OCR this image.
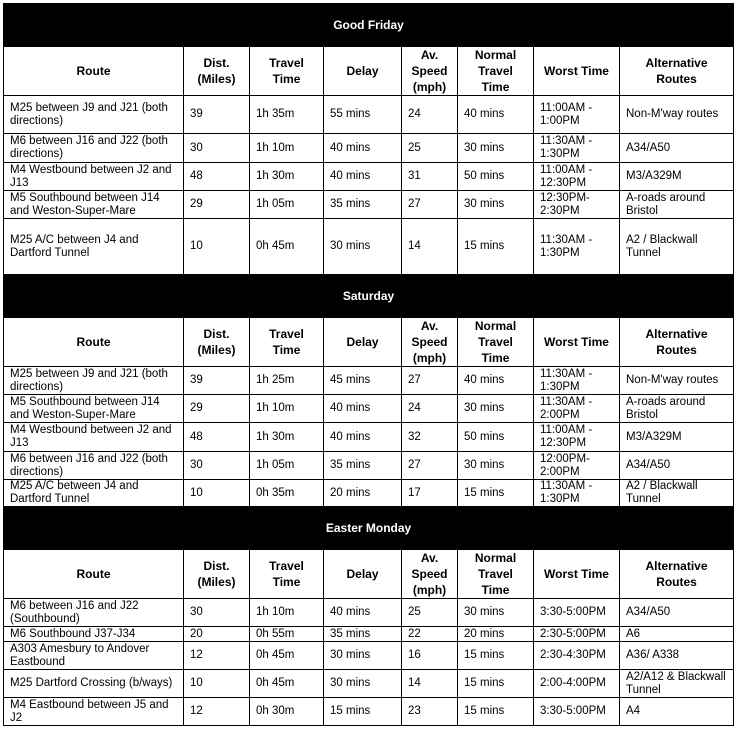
Good Friday							
Route	Dist. (Miles)	Travel Time	Delay	Av. Speed (mph)	Normal Travel Time	Worst Time	Alternative Routes
M25 between J9 and J21 (both directions)	39	1h 35m	55 mins	24	40 mins	11:00AM - 1:00PM	Non-M'way routes
M6 between J16 and J22 (both directions)	30	1h 10m	40 mins	25	30 mins	11:30AM - 1:30PM	A34/A50
M4 Westbound between J2 and J13	48	1h 30m	40 mins	31	50 mins	11:00AM - 12:30PM	M3/A329M
M5 Southbound between J14 and Weston-Super-Mare	29	1h 05m	35 mins	27	30 mins	12:30PM- 2:30PM	A-roads around Bristol
M25 A/C between J4 and Dartford Tunnel	10	0h 45m	30 mins	14	15 mins	11:30AM - 1:30PM	A2 / Blackwall Tunnel
Saturday							
Route	Dist. (Miles)	Travel Time	Delay	Av. Speed (mph)	Normal Travel Time	Worst Time	Alternative Routes
M25 between J9 and J21 (both directions)	39	1h 25m	45 mins	27	40 mins	11:30AM - 1:30PM	Non-M'way routes
M5 Southbound between J14 and Weston-Super-Mare	29	1h 10m	40 mins	24	30 mins	11:30AM - 2:00PM	A-roads around Bristol
M4 Westbound between J2 and J13	48	1h 30m	40 mins	32	50 mins	11:00AM - 12:30PM	M3/A329M
M6 between J16 and J22 (both directions)	30	1h 05m	35 mins	27	30 mins	12:00PM- 2:00PM	A34/A50
M25 A/C between J4 and Dartford Tunnel	10	0h 35m	20 mins	17	15 mins	11:30AM - 1:30PM	A2 / Blackwall Tunnel
Easter Monday							
Route	Dist. (Miles)	Travel Time	Delay	Av. Speed (mph)	Normal Travel Time	Worst Time	Alternative Routes
M6 between J16 and J22 (Southbound)	30	1h 10m	40 mins	25	30 mins	3:30-5:00PM	A34/A50
M6 Southbound J37-J34	20	0h 55m	35 mins	22	20 mins	2:30-5:00PM	A6
A303 Amesbury to Andover Eastbound	12	0h 45m	30 mins	16	15 mins	2:30-4:30PM	A36/ A338
M25 Dartford Crossing (b/ways)	10	0h 45m	30 mins	14	15 mins	2:00-4:00PM	A2/A12 & Blackwall Tunnel
M4 Eastbound between J5 and J2	12	0h 30m	15 mins	23	15 mins	3:30-5:00PM	A4
